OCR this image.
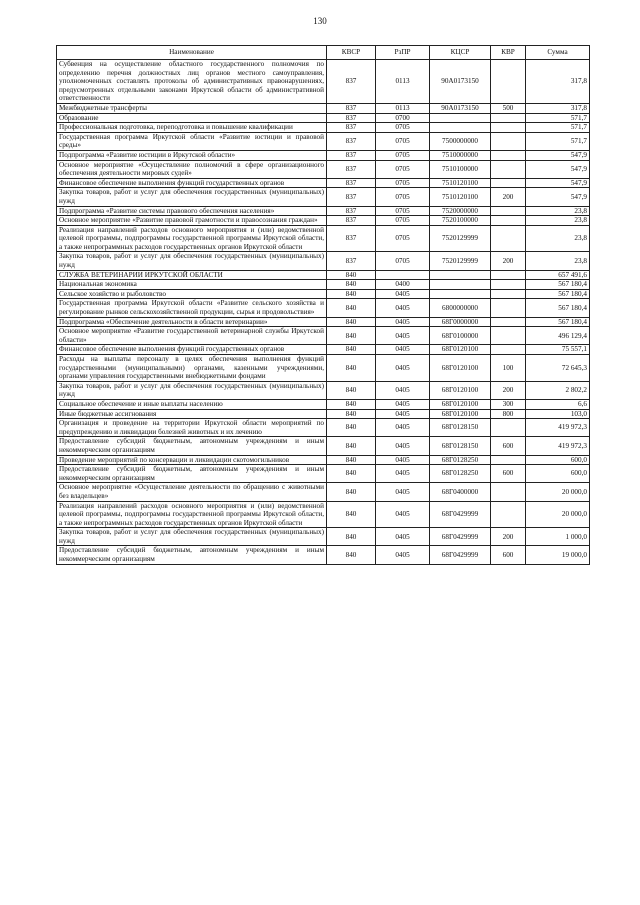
130
Наименование	КВСР	РзПР	КЦСР	КВР	Сумма
Субвенция на осуществление областного государственного полномочия по определению перечня должностных лиц органов местного самоуправления, уполномоченных составлять протоколы об административных правонарушениях, предусмотренных отдельными законами Иркутской области об административной ответственности	837	0113	90А0173150		317,8
Межбюджетные трансферты	837	0113	90А0173150	500	317,8
Образование	837	0700			571,7
Профессиональная подготовка, переподготовка и повышение квалификации	837	0705			571,7
Государственная программа Иркутской области «Развитие юстиции и правовой среды»	837	0705	7500000000		571,7
Подпрограмма «Развитие юстиции в Иркутской области»	837	0705	7510000000		547,9
Основное мероприятие «Осуществление полномочий в сфере организационного обеспечения деятельности мировых судей»	837	0705	7510100000		547,9
Финансовое обеспечение выполнения функций государственных органов	837	0705	7510120100		547,9
Закупка товаров, работ и услуг для обеспечения государственных (муниципальных) нужд	837	0705	7510120100	200	547,9
Подпрограмма «Развитие системы правового обеспечения населения»	837	0705	7520000000		23,8
Основное мероприятие «Развитие правовой грамотности и правосознания граждан»	837	0705	7520100000		23,8
Реализация направлений расходов основного мероприятия и (или) ведомственной целевой программы, подпрограммы государственной программы Иркутской области, а также непрограммных расходов государственных органов Иркутской области	837	0705	7520129999		23,8
Закупка товаров, работ и услуг для обеспечения государственных (муниципальных) нужд	837	0705	7520129999	200	23,8
СЛУЖБА ВЕТЕРИНАРИИ ИРКУТСКОЙ ОБЛАСТИ	840				657 491,6
Национальная экономика	840	0400			567 180,4
Сельское хозяйство и рыболовство	840	0405			567 180,4
Государственная программа Иркутской области «Развитие сельского хозяйства и регулирование рынков сельскохозяйственной продукции, сырья и продовольствия»	840	0405	6800000000		567 180,4
Подпрограмма «Обеспечение деятельности в области ветеринарии»	840	0405	68Г0000000		567 180,4
Основное мероприятие «Развитие государственной ветеринарной службы Иркутской области»	840	0405	68Г0100000		496 129,4
Финансовое обеспечение выполнения функций государственных органов	840	0405	68Г0120100		75 557,1
Расходы на выплаты персоналу в целях обеспечения выполнения функций государственными (муниципальными) органами, казенными учреждениями, органами управления государственными внебюджетными фондами	840	0405	68Г0120100	100	72 645,3
Закупка товаров, работ и услуг для обеспечения государственных (муниципальных) нужд	840	0405	68Г0120100	200	2 802,2
Социальное обеспечение и иные выплаты населению	840	0405	68Г0120100	300	6,6
Иные бюджетные ассигнования	840	0405	68Г0120100	800	103,0
Организация и проведение на территории Иркутской области мероприятий по предупреждению и ликвидации болезней животных и их лечению	840	0405	68Г0128150		419 972,3
Предоставление субсидий бюджетным, автономным учреждениям и иным некоммерческим организациям	840	0405	68Г0128150	600	419 972,3
Проведение мероприятий по консервации и ликвидации скотомогильников	840	0405	68Г0128250		600,0
Предоставление субсидий бюджетным, автономным учреждениям и иным некоммерческим организациям	840	0405	68Г0128250	600	600,0
Основное мероприятие «Осуществление деятельности по обращению с животными без владельцев»	840	0405	68Г0400000		20 000,0
Реализация направлений расходов основного мероприятия и (или) ведомственной целевой программы, подпрограммы государственной программы Иркутской области, а также непрограммных расходов государственных органов Иркутской области	840	0405	68Г0429999		20 000,0
Закупка товаров, работ и услуг для обеспечения государственных (муниципальных) нужд	840	0405	68Г0429999	200	1 000,0
Предоставление субсидий бюджетным, автономным учреждениям и иным некоммерческим организациям	840	0405	68Г0429999	600	19 000,0
